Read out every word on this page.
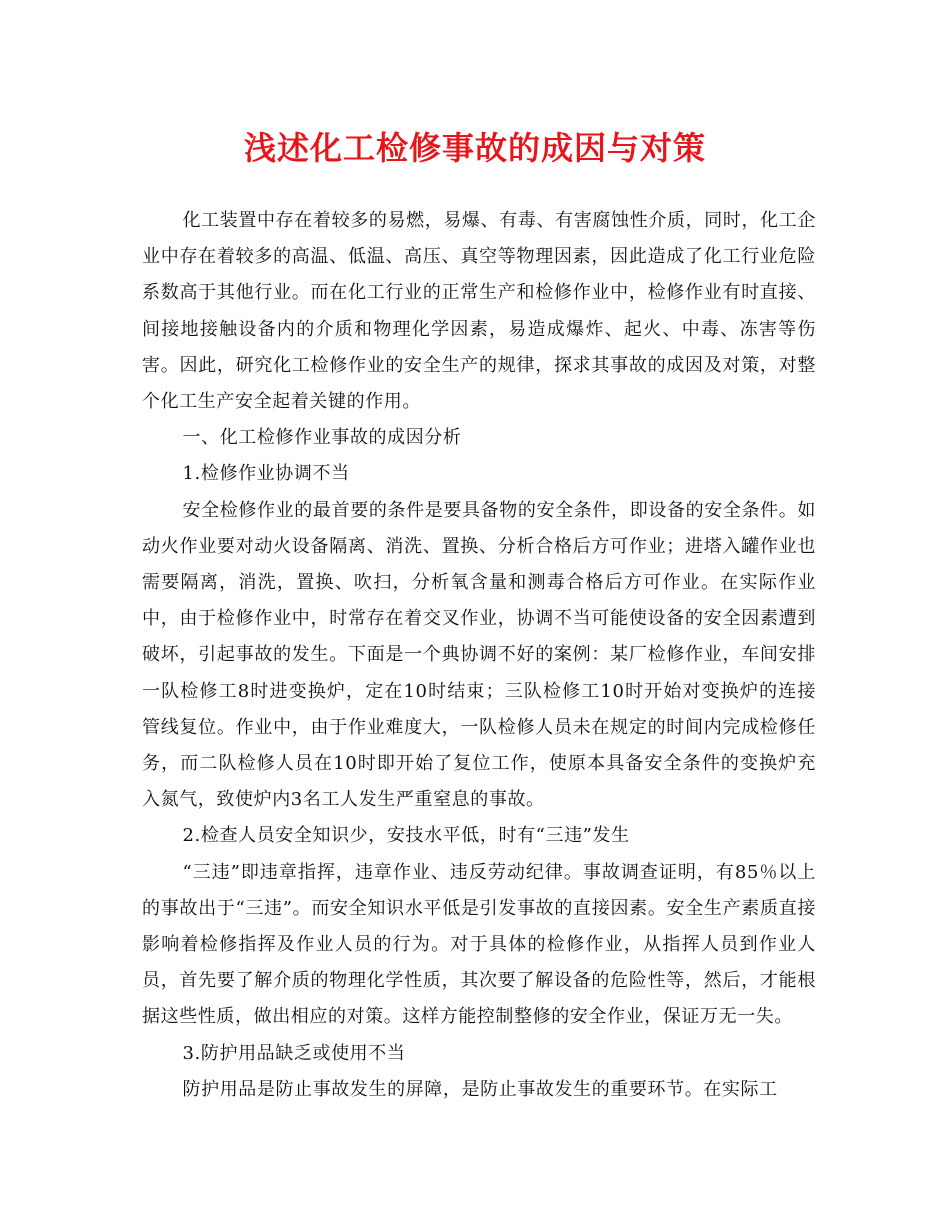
浅述化工检修事故的成因与对策

化工装置中存在着较多的易燃，易爆、有毒、有害腐蚀性介质，同时，化工企业中存在着较多的高温、低温、高压、真空等物理因素，因此造成了化工行业危险系数高于其他行业。而在化工行业的正常生产和检修作业中，检修作业有时直接、间接地接触设备内的介质和物理化学因素，易造成爆炸、起火、中毒、冻害等伤害。因此，研究化工检修作业的安全生产的规律，探求其事故的成因及对策，对整个化工生产安全起着关键的作用。

一、化工检修作业事故的成因分析

1.检修作业协调不当

安全检修作业的最首要的条件是要具备物的安全条件，即设备的安全条件。如动火作业要对动火设备隔离、消洗、置换、分析合格后方可作业；进塔入罐作业也需要隔离，消洗，置换、吹扫，分析氧含量和测毒合格后方可作业。在实际作业中，由于检修作业中，时常存在着交叉作业，协调不当可能使设备的安全因素遭到破坏，引起事故的发生。下面是一个典协调不好的案例：某厂检修作业，车间安排一队检修工8时进变换炉，定在10时结束；三队检修工10时开始对变换炉的连接管线复位。作业中，由于作业难度大，一队检修人员未在规定的时间内完成检修任务，而二队检修人员在10时即开始了复位工作，使原本具备安全条件的变换炉充入氮气，致使炉内3名工人发生严重窒息的事故。

2.检查人员安全知识少，安技水平低，时有“三违”发生

“三违”即违章指挥，违章作业、违反劳动纪律。事故调查证明，有85％以上的事故出于“三违”。而安全知识水平低是引发事故的直接因素。安全生产素质直接影响着检修指挥及作业人员的行为。对于具体的检修作业，从指挥人员到作业人员，首先要了解介质的物理化学性质，其次要了解设备的危险性等，然后，才能根据这些性质，做出相应的对策。这样方能控制整修的安全作业，保证万无一失。

3.防护用品缺乏或使用不当

防护用品是防止事故发生的屏障，是防止事故发生的重要环节。在实际工
